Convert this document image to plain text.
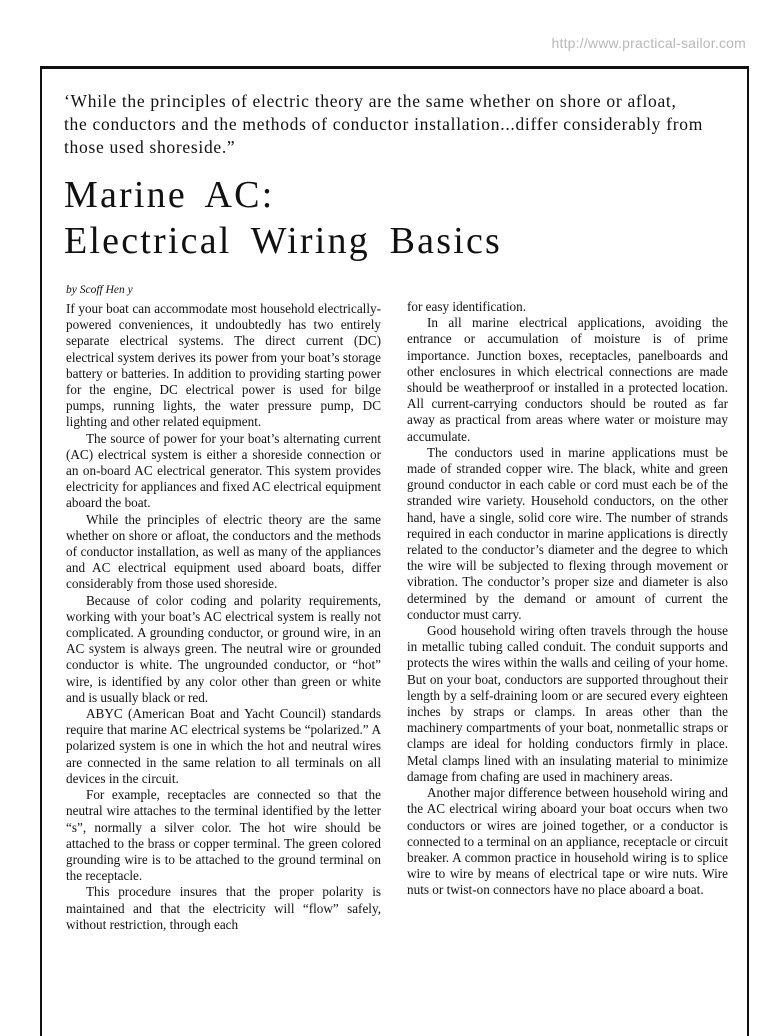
http://www.practical-sailor.com
‘While the principles of electric theory are the same whether on shore or afloat, the conductors and the methods of conductor installation...differ considerably from those used shoreside.”
Marine AC:
Electrical Wiring Basics
by Scoff Hen y

If your boat can accommodate most household electrically-powered conveniences, it undoubtedly has two entirely separate electrical systems. The direct current (DC) electrical system derives its power from your boat’s storage battery or batteries. In addition to providing starting power for the engine, DC electrical power is used for bilge pumps, running lights, the water pressure pump, DC lighting and other related equipment.

The source of power for your boat’s alternating current (AC) electrical system is either a shoreside connection or an on-board AC electrical generator. This system provides electricity for appliances and fixed AC electrical equipment aboard the boat.

While the principles of electric theory are the same whether on shore or afloat, the conductors and the methods of conductor installation, as well as many of the appliances and AC electrical equipment used aboard boats, differ considerably from those used shoreside.

Because of color coding and polarity requirements, working with your boat’s AC electrical system is really not complicated. A grounding conductor, or ground wire, in an AC system is always green. The neutral wire or grounded conductor is white. The ungrounded conductor, or “hot” wire, is identified by any color other than green or white and is usually black or red.

ABYC (American Boat and Yacht Council) standards require that marine AC electrical systems be “polarized.” A polarized system is one in which the hot and neutral wires are connected in the same relation to all terminals on all devices in the circuit.

For example, receptacles are connected so that the neutral wire attaches to the terminal identified by the letter “s”, normally a silver color. The hot wire should be attached to the brass or copper terminal. The green colored grounding wire is to be attached to the ground terminal on the receptacle.

This procedure insures that the proper polarity is maintained and that the electricity will “flow” safely, without restriction, through each

for easy identification.

In all marine electrical applications, avoiding the entrance or accumulation of moisture is of prime importance. Junction boxes, receptacles, panelboards and other enclosures in which electrical connections are made should be weatherproof or installed in a protected location. All current-carrying conductors should be routed as far away as practical from areas where water or moisture may accumulate.

The conductors used in marine applications must be made of stranded copper wire. The black, white and green ground conductor in each cable or cord must each be of the stranded wire variety. Household conductors, on the other hand, have a single, solid core wire. The number of strands required in each conductor in marine applications is directly related to the conductor’s diameter and the degree to which the wire will be subjected to flexing through movement or vibration. The conductor’s proper size and diameter is also determined by the demand or amount of current the conductor must carry.

Good household wiring often travels through the house in metallic tubing called conduit. The conduit supports and protects the wires within the walls and ceiling of your home. But on your boat, conductors are supported throughout their length by a self-draining loom or are secured every eighteen inches by straps or clamps. In areas other than the machinery compartments of your boat, nonmetallic straps or clamps are ideal for holding conductors firmly in place. Metal clamps lined with an insulating material to minimize damage from chafing are used in machinery areas.

Another major difference between household wiring and the AC electrical wiring aboard your boat occurs when two conductors or wires are joined together, or a conductor is connected to a terminal on an appliance, receptacle or circuit breaker. A common practice in household wiring is to splice wire to wire by means of electrical tape or wire nuts. Wire nuts or twist-on connectors have no place aboard a boat.
